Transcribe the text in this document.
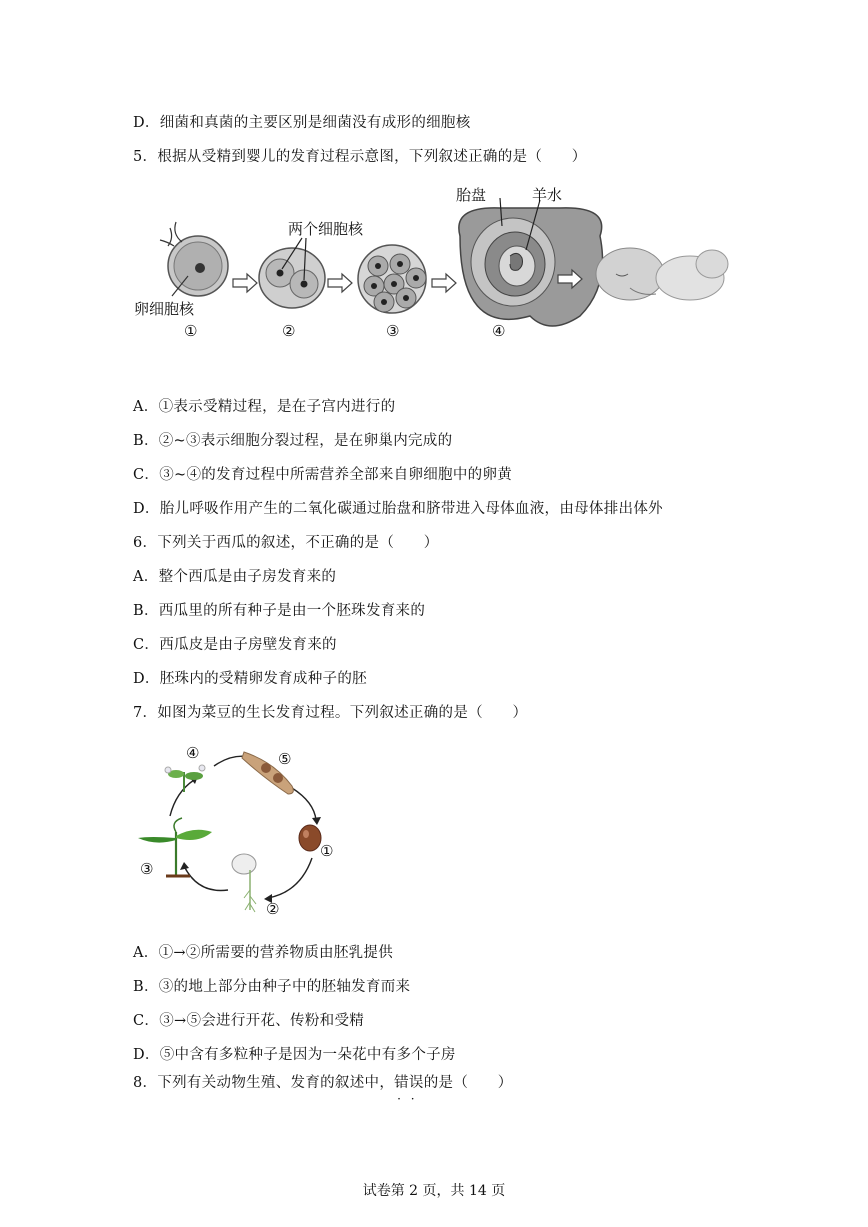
D．细菌和真菌的主要区别是细菌没有成形的细胞核
5．根据从受精到婴儿的发育过程示意图，下列叙述正确的是（　　）
胎盘	羊水
两个细胞核
卵细胞核
①	②	③	④
A．①表示受精过程，是在子宫内进行的
B．②~③表示细胞分裂过程，是在卵巢内完成的
C．③~④的发育过程中所需营养全部来自卵细胞中的卵黄
D．胎儿呼吸作用产生的二氧化碳通过胎盘和脐带进入母体血液，由母体排出体外
6．下列关于西瓜的叙述，不正确的是（　　）
A．整个西瓜是由子房发育来的
B．西瓜里的所有种子是由一个胚珠发育来的
C．西瓜皮是由子房壁发育来的
D．胚珠内的受精卵发育成种子的胚
7．如图为菜豆的生长发育过程。下列叙述正确的是（　　）
④	⑤
①
②
③
A．①→②所需要的营养物质由胚乳提供
B．③的地上部分由种子中的胚轴发育而来
C．③→⑤会进行开花、传粉和受精
D．⑤中含有多粒种子是因为一朵花中有多个子房
8．下列有关动物生殖、发育的叙述中，错误 · ·的是（　　）
试卷第 2 页，共 14 页
